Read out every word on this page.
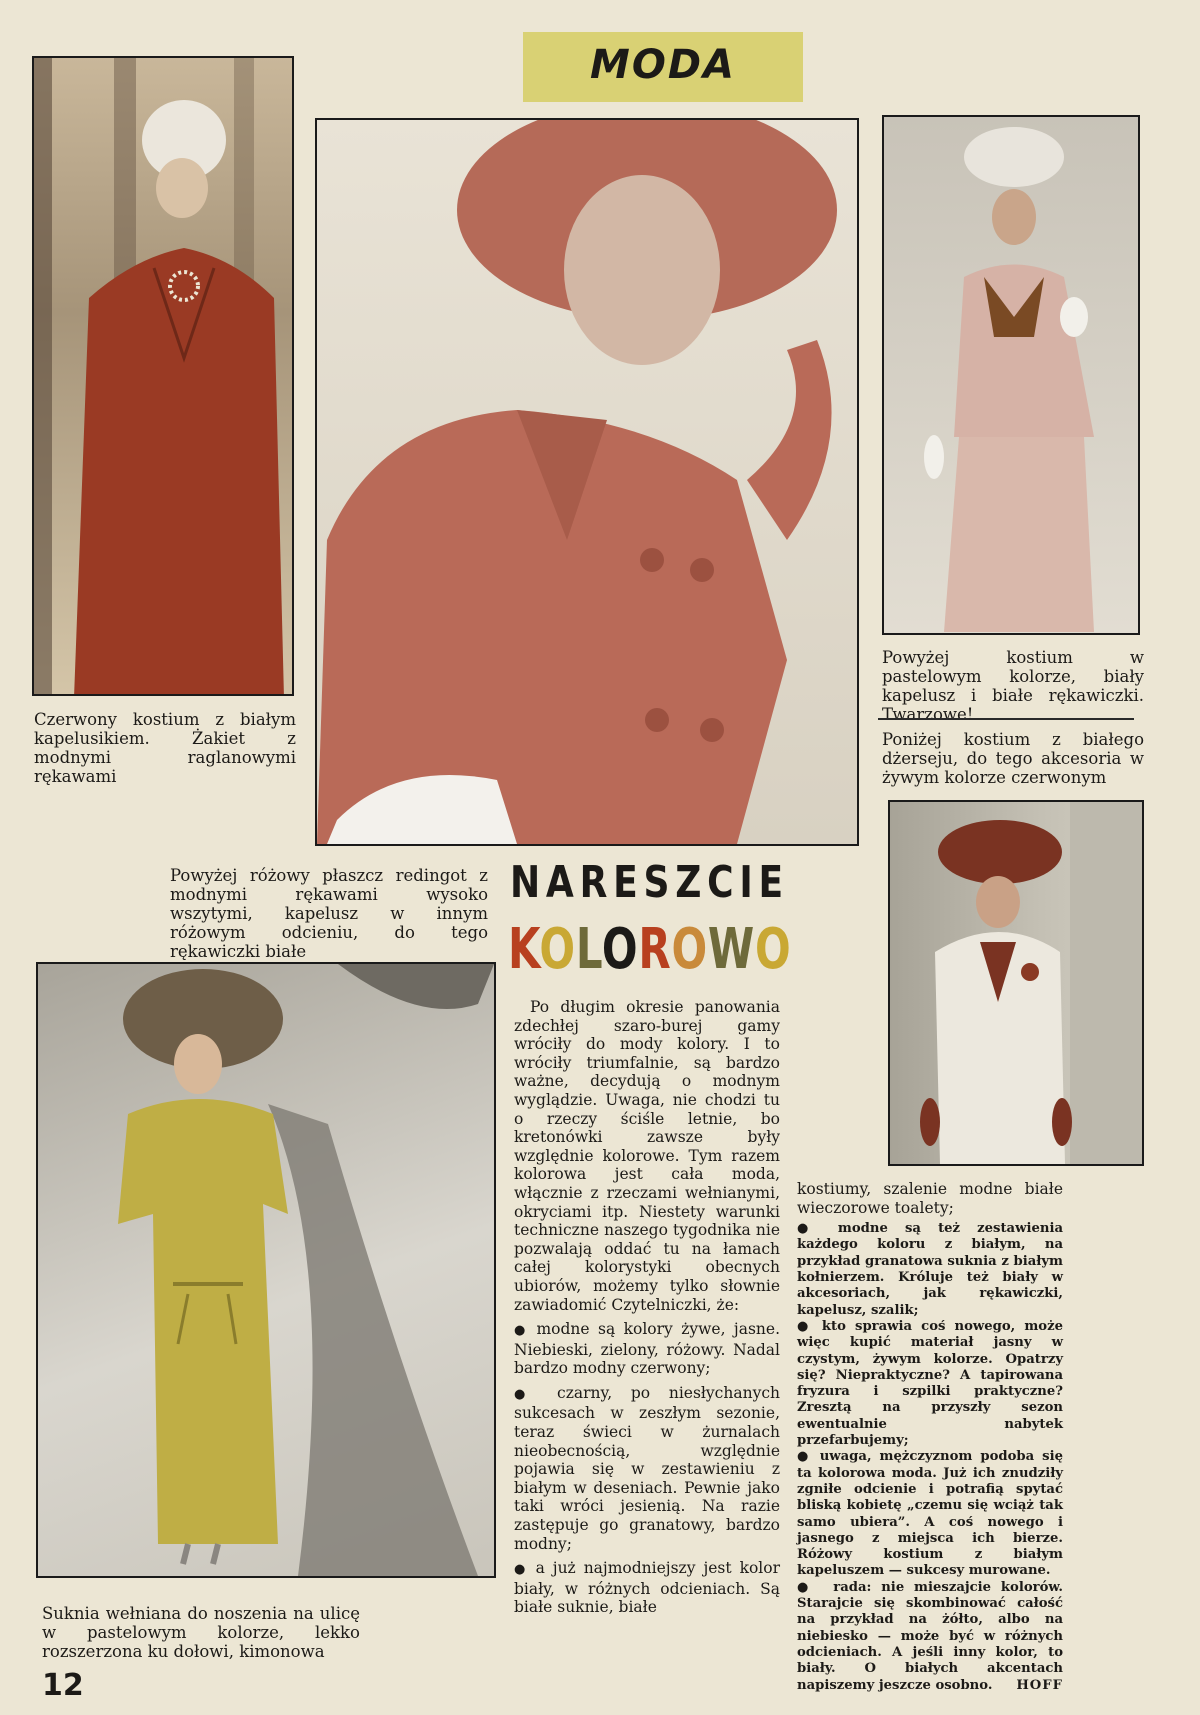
MODA
Czerwony kostium z białym kapelusikiem. Żakiet z modnymi raglanowymi rękawami
Powyżej kostium w pastelowym kolorze, biały kapelusz i białe rękawiczki. Twarzowe!
Poniżej kostium z białego dżerseju, do tego akcesoria w żywym kolorze czerwonym
Powyżej różowy płaszcz redingot z modnymi rękawami wysoko wszytymi, kapelusz w innym różowym odcieniu, do tego rękawiczki białe
NARESZCIE
KOLOROWO
Suknia wełniana do noszenia na ulicę w pastelowym kolorze, lekko rozszerzona ku dołowi, kimonowa
12

Po długim okresie panowania zdechłej szaro-burej gamy wróciły do mody kolory. I to wróciły triumfalnie, są bardzo ważne, decydują o modnym wyglądzie. Uwaga, nie chodzi tu o rzeczy ściśle letnie, bo kretonówki zawsze były względnie kolorowe. Tym razem kolorowa jest cała moda, włącznie z rzeczami wełnianymi, okryciami itp. Niestety warunki techniczne naszego tygodnika nie pozwalają oddać tu na łamach całej kolorystyki obecnych ubiorów, możemy tylko słownie zawiadomić Czytelniczki, że:

● modne są kolory żywe, jasne. Niebieski, zielony, różowy. Nadal bardzo modny czerwony;

● czarny, po niesłychanych sukcesach w zeszłym sezonie, teraz świeci w żurnalach nieobecnością, względnie pojawia się w zestawieniu z białym w deseniach. Pewnie jako taki wróci jesienią. Na razie zastępuje go granatowy, bardzo modny;

● a już najmodniejszy jest kolor biały, w różnych odcieniach. Są białe suknie, białe

kostiumy, szalenie modne białe wieczorowe toalety;

● modne są też zestawienia każdego koloru z białym, na przykład granatowa suknia z białym kołnierzem. Króluje też biały w akcesoriach, jak rękawiczki, kapelusz, szalik;

● kto sprawia coś nowego, może więc kupić materiał jasny w czystym, żywym kolorze. Opatrzy się? Niepraktyczne? A tapirowana fryzura i szpilki praktyczne? Zresztą na przyszły sezon ewentualnie nabytek przefarbujemy;

● uwaga, mężczyznom podoba się ta kolorowa moda. Już ich znudziły zgniłe odcienie i potrafią spytać bliską kobietę „czemu się wciąż tak samo ubiera”. A coś nowego i jasnego z miejsca ich bierze. Różowy kostium z białym kapeluszem — sukcesy murowane.

● rada: nie mieszajcie kolorów. Starajcie się skombinować całość na przykład na żółto, albo na niebiesko — może być w różnych odcieniach. A jeśli inny kolor, to biały. O białych akcentach napiszemy jeszcze osobno. HOFF
